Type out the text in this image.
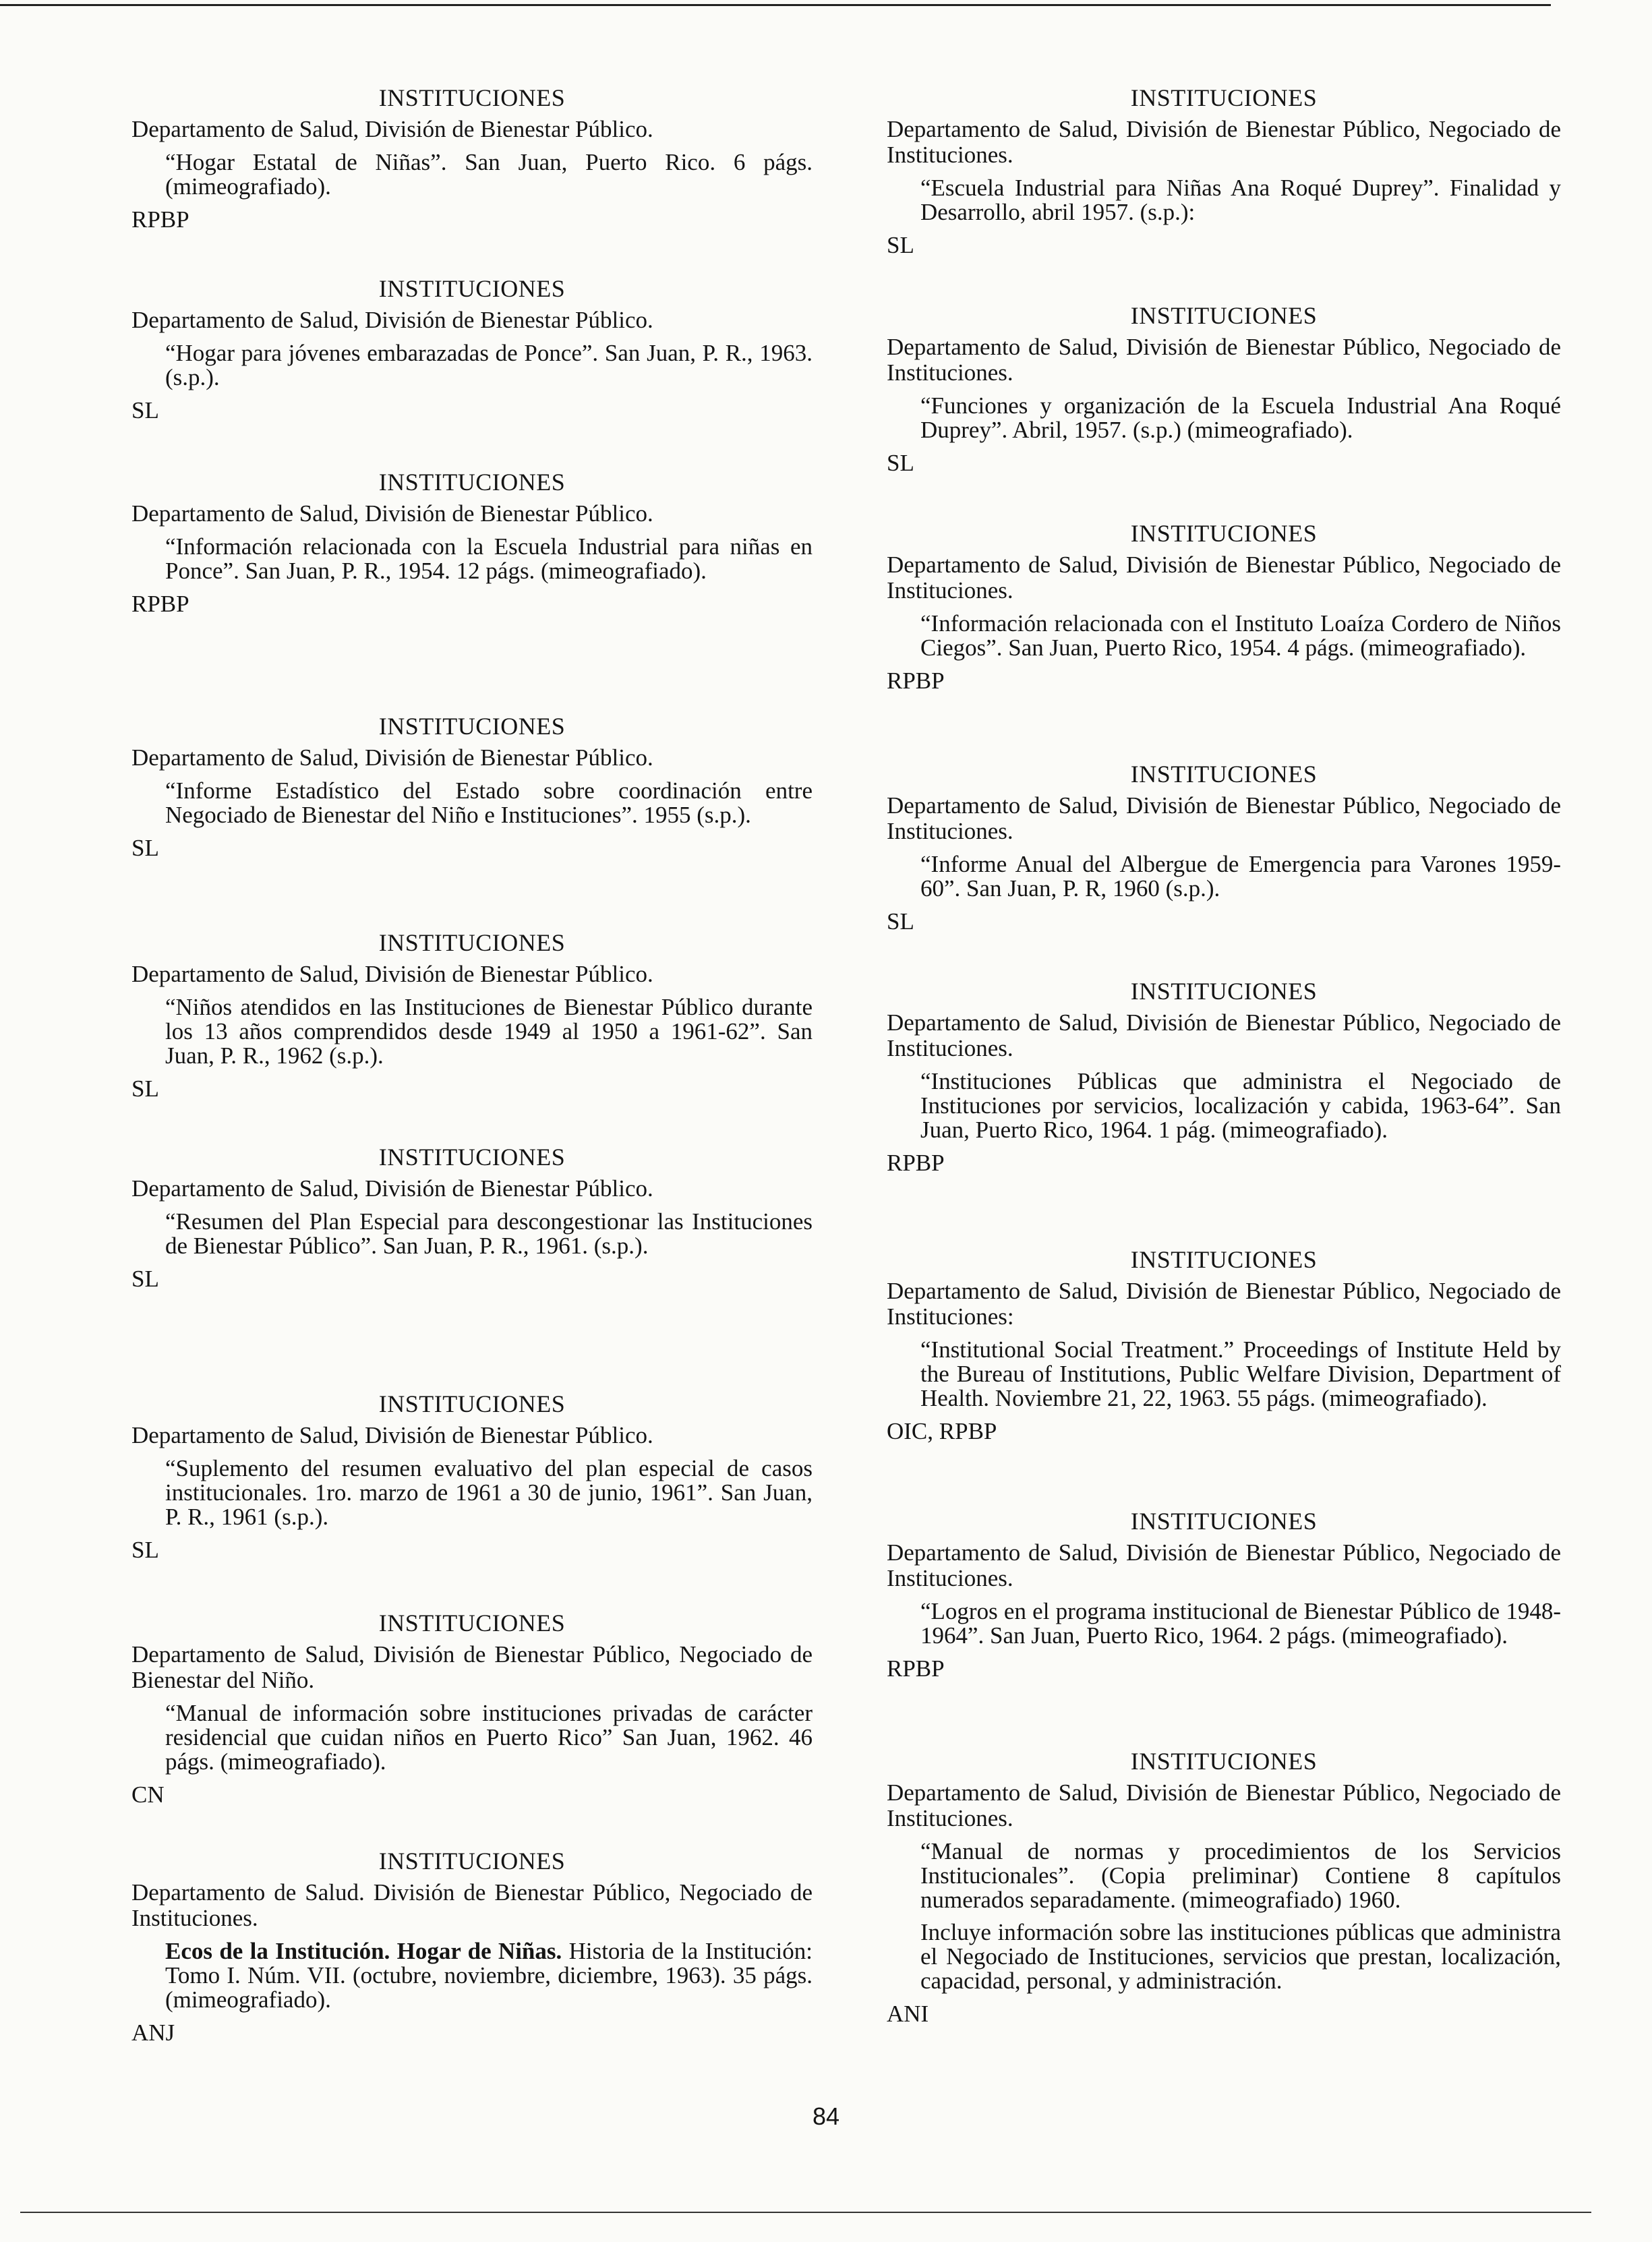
INSTITUCIONES
Departamento de Salud, División de Bienestar Público.
“Hogar Estatal de Niñas”. San Juan, Puerto Rico. 6 págs. (mimeografiado).
RPBP
INSTITUCIONES
Departamento de Salud, División de Bienestar Público.
“Hogar para jóvenes embarazadas de Ponce”. San Juan, P. R., 1963. (s.p.).
SL
INSTITUCIONES
Departamento de Salud, División de Bienestar Público.
“Información relacionada con la Escuela Industrial para niñas en Ponce”. San Juan, P. R., 1954. 12 págs. (mimeografiado).
RPBP
INSTITUCIONES
Departamento de Salud, División de Bienestar Público.
“Informe Estadístico del Estado sobre coordinación entre Negociado de Bienestar del Niño e Instituciones”. 1955 (s.p.).
SL
INSTITUCIONES
Departamento de Salud, División de Bienestar Público.
“Niños atendidos en las Instituciones de Bienestar Público durante los 13 años comprendidos desde 1949 al 1950 a 1961-62”. San Juan, P. R., 1962 (s.p.).
SL
INSTITUCIONES
Departamento de Salud, División de Bienestar Público.
“Resumen del Plan Especial para descongestionar las Instituciones de Bienestar Público”. San Juan, P. R., 1961. (s.p.).
SL
INSTITUCIONES
Departamento de Salud, División de Bienestar Público.
“Suplemento del resumen evaluativo del plan especial de casos institucionales. 1ro. marzo de 1961 a 30 de junio, 1961”. San Juan, P. R., 1961 (s.p.).
SL
INSTITUCIONES
Departamento de Salud, División de Bienestar Público, Negociado de Bienestar del Niño.
“Manual de información sobre instituciones privadas de carácter residencial que cuidan niños en Puerto Rico” San Juan, 1962. 46 págs. (mimeografiado).
CN
INSTITUCIONES
Departamento de Salud. División de Bienestar Público, Negociado de Instituciones.
Ecos de la Institución. Hogar de Niñas. Historia de la Institución: Tomo I. Núm. VII. (octubre, noviembre, diciembre, 1963). 35 págs. (mimeografiado).
ANJ
INSTITUCIONES
Departamento de Salud, División de Bienestar Público, Negociado de Instituciones.
“Escuela Industrial para Niñas Ana Roqué Duprey”. Finalidad y Desarrollo, abril 1957. (s.p.):
SL
INSTITUCIONES
Departamento de Salud, División de Bienestar Público, Negociado de Instituciones.
“Funciones y organización de la Escuela Industrial Ana Roqué Duprey”. Abril, 1957. (s.p.) (mimeografiado).
SL
INSTITUCIONES
Departamento de Salud, División de Bienestar Público, Negociado de Instituciones.
“Información relacionada con el Instituto Loaíza Cordero de Niños Ciegos”. San Juan, Puerto Rico, 1954. 4 págs. (mimeografiado).
RPBP
INSTITUCIONES
Departamento de Salud, División de Bienestar Público, Negociado de Instituciones.
“Informe Anual del Albergue de Emergencia para Varones 1959-60”. San Juan, P. R, 1960 (s.p.).
SL
INSTITUCIONES
Departamento de Salud, División de Bienestar Público, Negociado de Instituciones.
“Instituciones Públicas que administra el Negociado de Instituciones por servicios, localización y cabida, 1963-64”. San Juan, Puerto Rico, 1964. 1 pág. (mimeografiado).
RPBP
INSTITUCIONES
Departamento de Salud, División de Bienestar Público, Negociado de Instituciones:
“Institutional Social Treatment.” Proceedings of Institute Held by the Bureau of Institutions, Public Welfare Division, Department of Health. Noviembre 21, 22, 1963. 55 págs. (mimeografiado).
OIC, RPBP
INSTITUCIONES
Departamento de Salud, División de Bienestar Público, Negociado de Instituciones.
“Logros en el programa institucional de Bienestar Público de 1948-1964”. San Juan, Puerto Rico, 1964. 2 págs. (mimeografiado).
RPBP
INSTITUCIONES
Departamento de Salud, División de Bienestar Público, Negociado de Instituciones.
“Manual de normas y procedimientos de los Servicios Institucionales”. (Copia preliminar) Contiene 8 capítulos numerados separadamente. (mimeografiado) 1960.
Incluye información sobre las instituciones públicas que administra el Negociado de Instituciones, servicios que prestan, localización, capacidad, personal, y administración.
ANI
84
